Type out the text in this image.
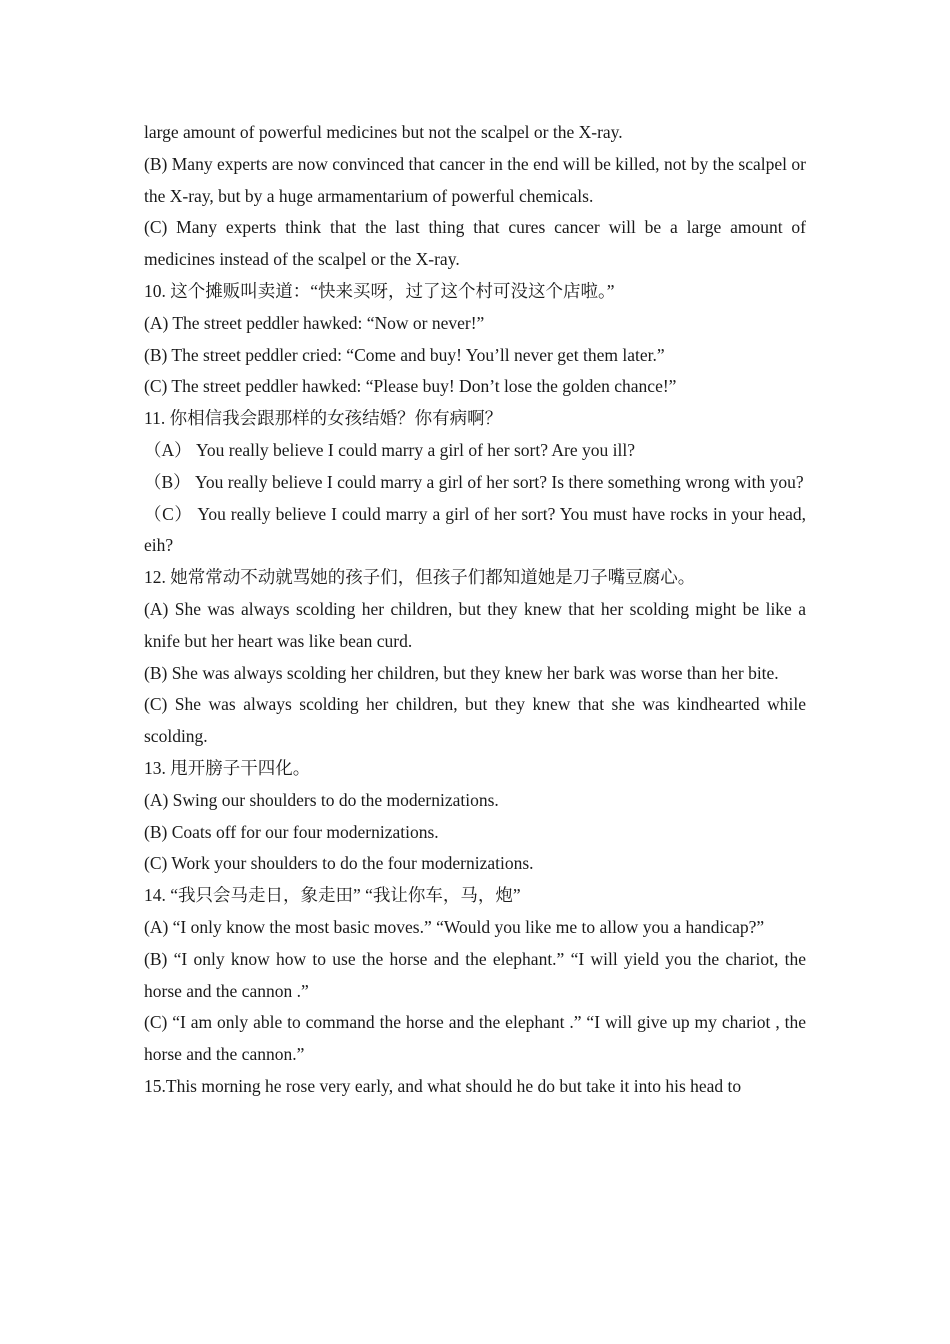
large amount of powerful medicines but not the scalpel or the X-ray.

(B) Many experts are now convinced that cancer in the end will be killed, not by the scalpel or the X-ray, but by a huge armamentarium of powerful chemicals.

(C) Many experts think that the last thing that cures cancer will be a large amount of medicines instead of the scalpel or the X-ray.

10. 这个摊贩叫卖道：“快来买呀，过了这个村可没这个店啦。”

(A) The street peddler hawked: “Now or never!”

(B) The street peddler cried: “Come and buy! You’ll never get them later.”

(C) The street peddler hawked: “Please buy! Don’t lose the golden chance!”

11. 你相信我会跟那样的女孩结婚？你有病啊？

（A） You really believe I could marry a girl of her sort? Are you ill?

（B） You really believe I could marry a girl of her sort? Is there something wrong with you?

（C） You really believe I could marry a girl of her sort? You must have rocks in your head, eih?

12. 她常常动不动就骂她的孩子们，但孩子们都知道她是刀子嘴豆腐心。

(A) She was always scolding her children, but they knew that her scolding might be like a knife but her heart was like bean curd.

(B) She was always scolding her children, but they knew her bark was worse than her bite.

(C) She was always scolding her children, but they knew that she was kindhearted while scolding.

13. 甩开膀子干四化。

(A) Swing our shoulders to do the modernizations.

(B) Coats off for our four modernizations.

(C) Work your shoulders to do the four modernizations.

14. “我只会马走日，象走田” “我让你车，马，炮”

(A) “I only know the most basic moves.” “Would you like me to allow you a handicap?”

(B) “I only know how to use the horse and the elephant.” “I will yield you the chariot, the horse and the cannon .”

(C) “I am only able to command the horse and the elephant .” “I will give up my chariot , the horse and the cannon.”

15.This morning he rose very early, and what should he do but take it into his head to
